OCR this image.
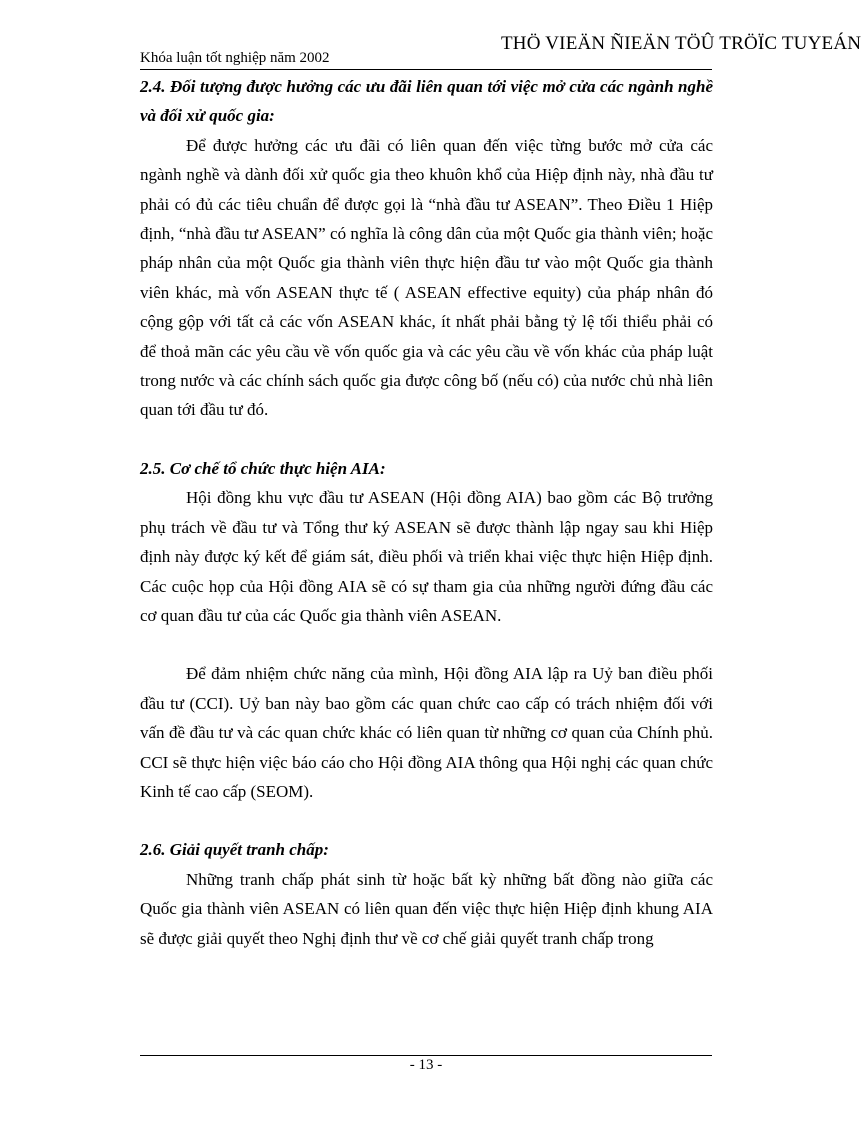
Khóa luận tốt nghiệp năm 2002
THÖ VIEÄN ÑIEÄN TÖÛ TRÖÏC TUYEÁN
2.4. Đối tượng được hưởng các ưu đãi liên quan tới việc mở cửa các ngành nghề và đối xử quốc gia:

Để được hưởng các ưu đãi có liên quan đến việc từng bước mở cửa các ngành nghề và dành đối xử quốc gia theo khuôn khổ của Hiệp định này, nhà đầu tư phải có đủ các tiêu chuẩn để được gọi là “nhà đầu tư ASEAN”. Theo Điều 1 Hiệp định, “nhà đầu tư ASEAN” có nghĩa là công dân của một Quốc gia thành viên; hoặc pháp nhân của một Quốc gia thành viên thực hiện đầu tư vào một Quốc gia thành viên khác, mà vốn ASEAN thực tế ( ASEAN effective equity) của pháp nhân đó cộng gộp với tất cả các vốn ASEAN khác, ít nhất phải bằng tỷ lệ tối thiểu phải có để thoả mãn các yêu cầu về vốn quốc gia và các yêu cầu về vốn khác của pháp luật trong nước và các chính sách quốc gia được công bố (nếu có) của nước chủ nhà liên quan tới đầu tư đó.

2.5. Cơ chế tổ chức thực hiện AIA:

Hội đồng khu vực đầu tư ASEAN (Hội đồng AIA) bao gồm các Bộ trưởng phụ trách về đầu tư và Tổng thư ký ASEAN sẽ được thành lập ngay sau khi Hiệp định này được ký kết để giám sát, điều phối và triển khai việc thực hiện Hiệp định. Các cuộc họp của Hội đồng AIA sẽ có sự tham gia của những người đứng đầu các cơ quan đầu tư của các Quốc gia thành viên ASEAN.

Để đảm nhiệm chức năng của mình, Hội đồng AIA lập ra Uỷ ban điều phối đầu tư (CCI). Uỷ ban này bao gồm các quan chức cao cấp có trách nhiệm đối với vấn đề đầu tư và các quan chức khác có liên quan từ những cơ quan của Chính phủ. CCI sẽ thực hiện việc báo cáo cho Hội đồng AIA thông qua Hội nghị các quan chức Kinh tế cao cấp (SEOM).

2.6. Giải quyết tranh chấp:

Những tranh chấp phát sinh từ hoặc bất kỳ những bất đồng nào giữa các Quốc gia thành viên ASEAN có liên quan đến việc thực hiện Hiệp định khung AIA sẽ được giải quyết theo Nghị định thư về cơ chế giải quyết tranh chấp trong

- 13 -
